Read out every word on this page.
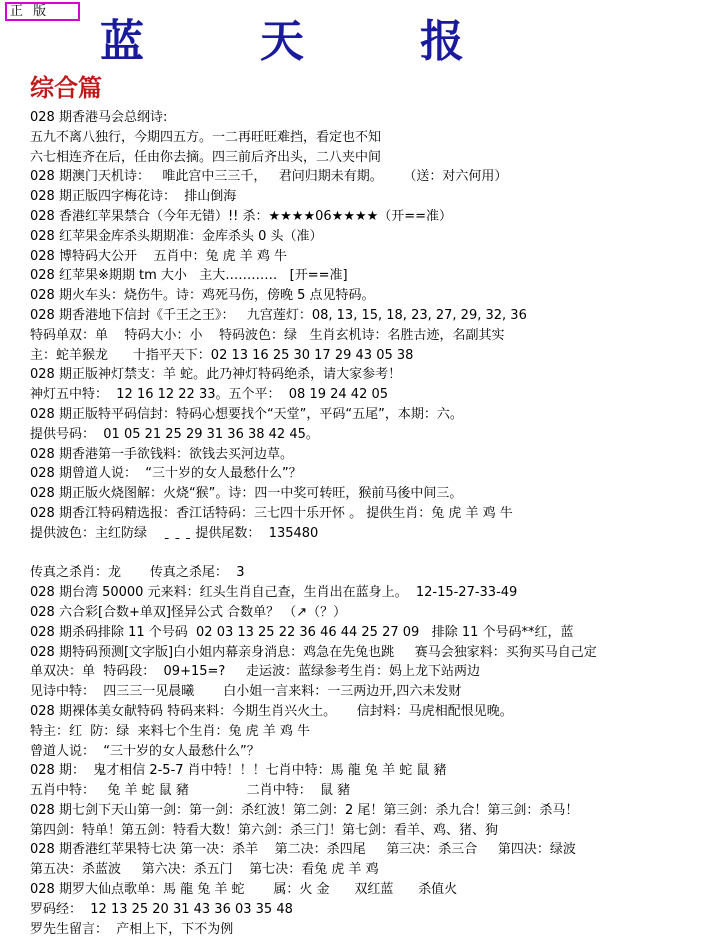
正 版
蓝	天	报
综合篇
028 期香港马会总纲诗:
五九不离八独行，今期四五方。一二再旺旺难挡，看定也不知
六七相连齐在后，任由你去摘。四三前后齐出头，二八夹中间
028 期澳门天机诗：   唯此宫中三三千，   君问归期未有期。     （送：对六何用）
028 期正版四字梅花诗：  排山倒海
028 香港红苹果禁合（今年无错）!! 杀：★★★★06★★★★（开==准）
028 红苹果金库杀头期期准：金库杀头 0 头（准）
028 博特码大公开    五肖中：兔 虎 羊 鸡 牛
028 红苹果※期期 tm 大小   主大…………   [开==准]
028 期火车头：烧伤牛。诗：鸡死马伤，傍晚 5 点见特码。
028 期香港地下信封《千王之王》：   九宫莲灯：08, 13, 15, 18, 23, 27, 29, 32, 36
特码单双：单    特码大小：小    特码波色：绿   生肖玄机诗：名胜古迹，名副其实
主：蛇羊猴龙      十指平天下：02 13 16 25 30 17 29 43 05 38
028 期正版神灯禁支：羊 蛇。此乃神灯特码绝杀，请大家参考！
神灯五中特：  12 16 12 22 33。五个平：  08 19 24 42 05
028 期正版特平码信封：特码心想要找个“天堂”，平码“五尾”，本期：六。
提供号码：  01 05 21 25 29 31 36 38 42 45。
028 期香港第一手欲钱料：欲钱去买河边草。
028 期曾道人说：  “三十岁的女人最愁什么”？
028 期正版火烧图解：火烧“猴”。诗：四一中奖可转旺，猴前马後中间三。
028 期香江特码精选报：香江话特码：三七四十乐开怀 。 提供生肖：兔 虎 羊 鸡 牛
提供波色：主红防绿    ˍ ˍ ˍ 提供尾数：  135480
传真之杀肖：龙       传真之杀尾：  3
028 期台湾 50000 元来料：红头生肖自己查，生肖出在蓝身上。  12-15-27-33-49
028 六合彩[合数+单双]怪异公式 合数单？ （↗（？）
028 期杀码排除 11 个号码  02 03 13 25 22 36 46 44 25 27 09   排除 11 个号码**红，蓝
028 期特码预测[文字版]白小姐内幕亲身消息：鸡急在先兔也跳     赛马会独家料：买狗买马自己定
单双决：单  特码段：  09+15=?     走运波：蓝绿参考生肖：妈上龙下站两边
见诗中特：  四三三一见晨曦       白小姐一言来料：一三两边开,四六未发财
028 期裸体美女献特码 特码来料：今期生肖兴火土。     信封料：马虎相配恨见晚。
特主：红  防：绿  来料七个生肖：兔 虎 羊 鸡 牛
曾道人说：  “三十岁的女人最愁什么”？
028 期：  鬼才相信 2-5-7 肖中特！！！七肖中特：馬 龍 兔 羊 蛇 鼠 豬
五肖中特：   兔 羊 蛇 鼠 豬              二肖中特：  鼠 豬
028 期七剑下天山第一剑：第一剑：杀红波！第二剑：2 尾！第三剑：杀九合！第三剑：杀马！
第四剑：特单！第五剑：特看大数！第六剑：杀三门！第七剑：看羊、鸡、猪、狗
028 期香港红苹果特七决 第一决：杀羊    第二决：杀四尾     第三决：杀三合     第四决：绿波
第五决：杀蓝波     第六决：杀五门    第七决：看兔 虎 羊 鸡
028 期罗大仙点歌单：馬 龍 兔 羊 蛇       属：火 金      双红蓝      杀值火
罗码经：  12 13 25 20 31 43 36 03 35 48
罗先生留言：  产相上下，下不为例
